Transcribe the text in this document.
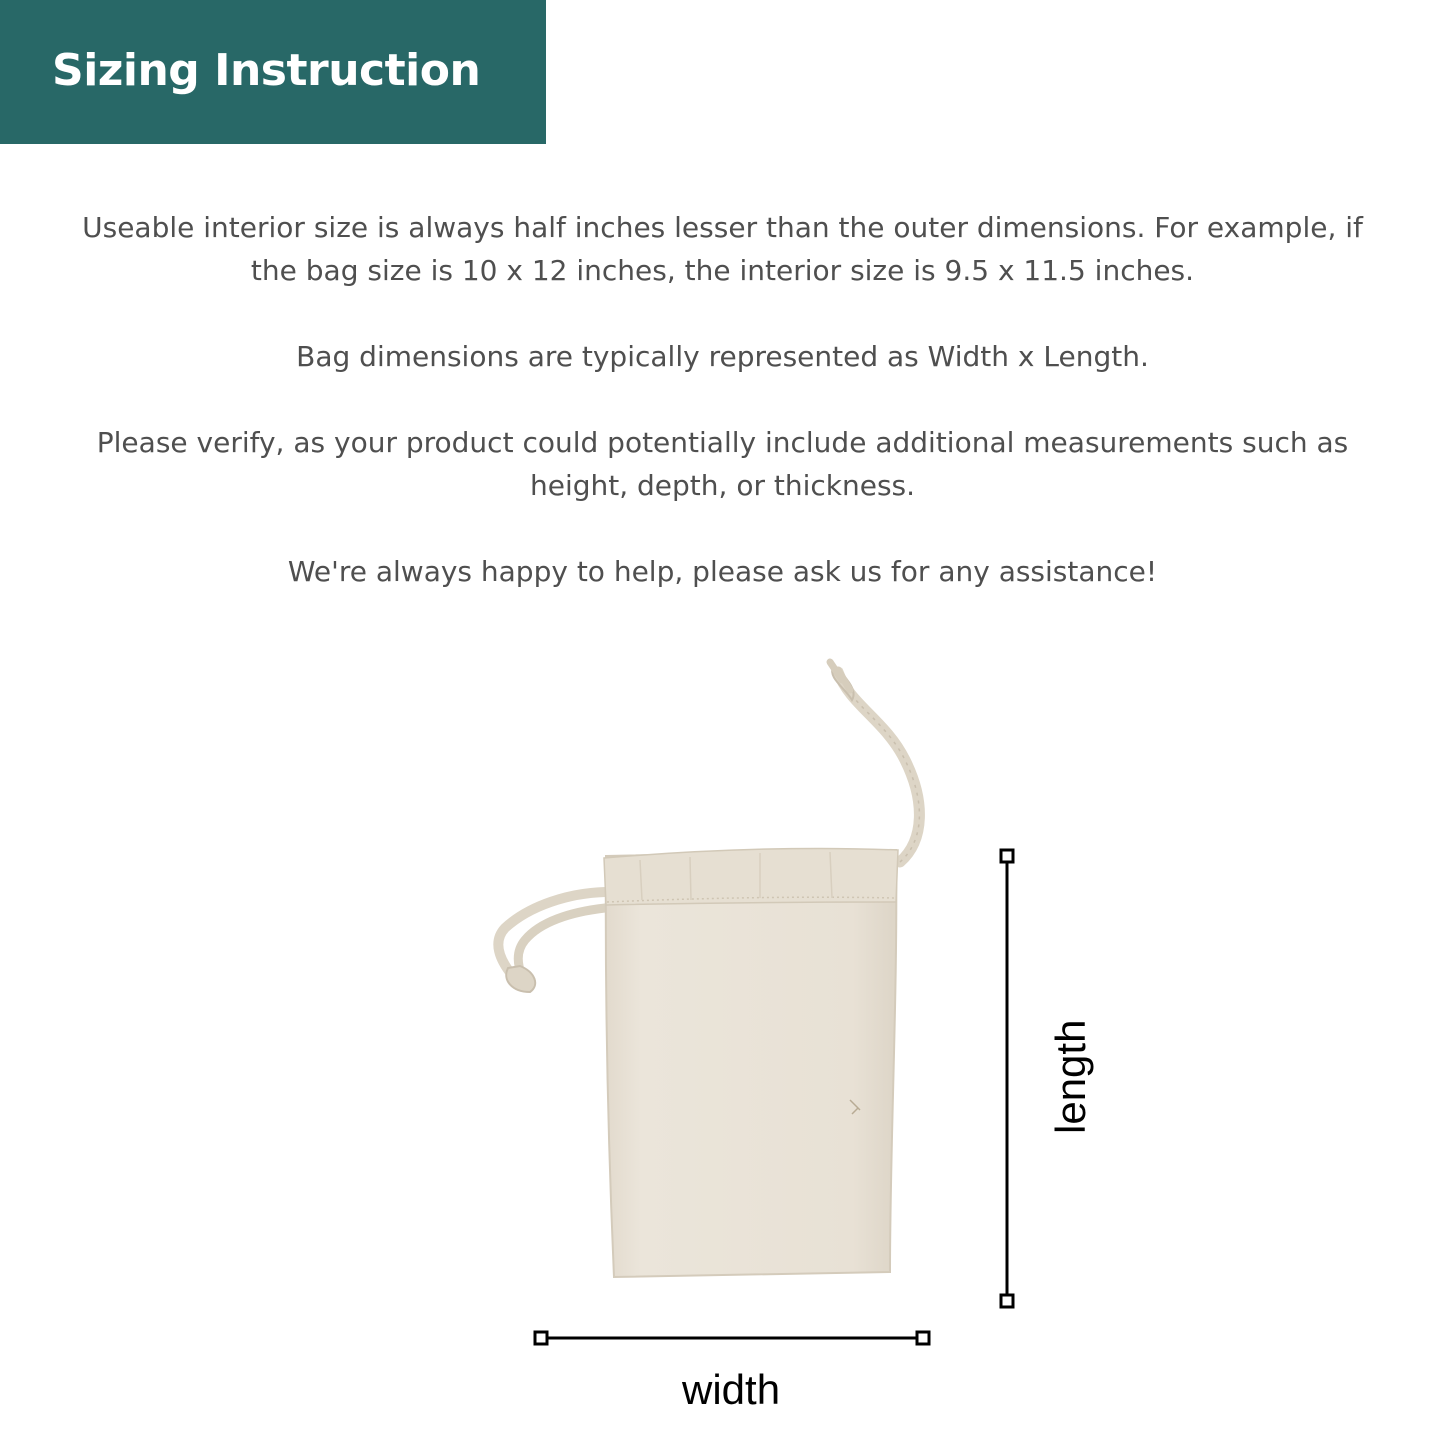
Sizing Instruction

Useable interior size is always half inches lesser than the outer dimensions. For example, if the bag size is 10 x 12 inches, the interior size is 9.5 x 11.5 inches.

Bag dimensions are typically represented as Width x Length.

Please verify, as your product could potentially include additional measurements such as height, depth, or thickness.

We're always happy to help, please ask us for any assistance!

width
length
